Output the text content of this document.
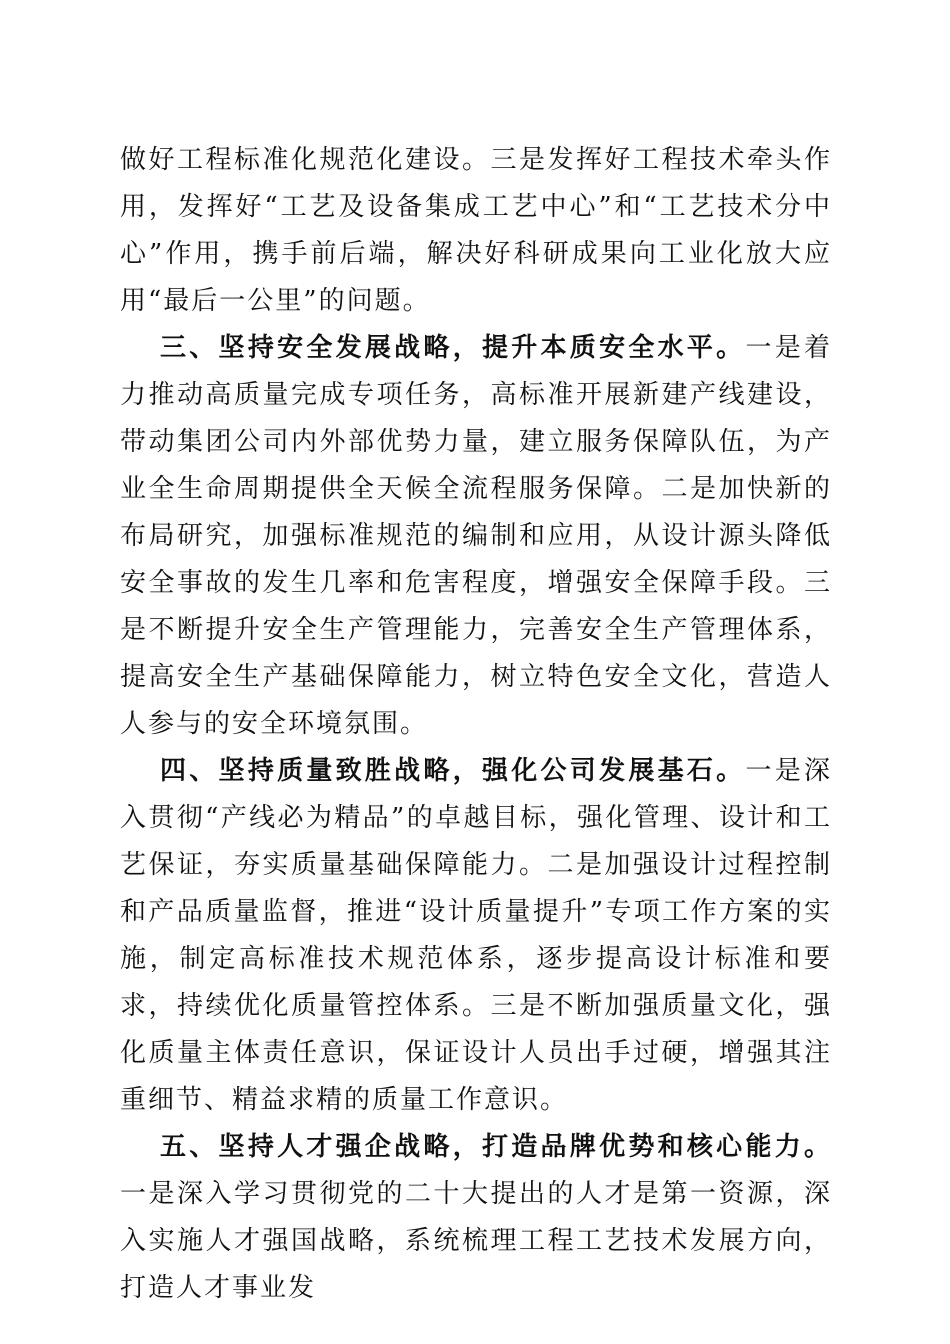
做好工程标准化规范化建设。三是发挥好工程技术牵头作用，发挥好“工艺及设备集成工艺中心”和“工艺技术分中心”作用，携手前后端，解决好科研成果向工业化放大应用“最后一公里”的问题。

三、坚持安全发展战略，提升本质安全水平。一是着力推动高质量完成专项任务，高标准开展新建产线建设，带动集团公司内外部优势力量，建立服务保障队伍，为产业全生命周期提供全天候全流程服务保障。二是加快新的布局研究，加强标准规范的编制和应用，从设计源头降低安全事故的发生几率和危害程度，增强安全保障手段。三是不断提升安全生产管理能力，完善安全生产管理体系，提高安全生产基础保障能力，树立特色安全文化，营造人人参与的安全环境氛围。

四、坚持质量致胜战略，强化公司发展基石。一是深入贯彻“产线必为精品”的卓越目标，强化管理、设计和工艺保证，夯实质量基础保障能力。二是加强设计过程控制和产品质量监督，推进“设计质量提升”专项工作方案的实施，制定高标准技术规范体系，逐步提高设计标准和要求，持续优化质量管控体系。三是不断加强质量文化，强化质量主体责任意识，保证设计人员出手过硬，增强其注重细节、精益求精的质量工作意识。

五、坚持人才强企战略，打造品牌优势和核心能力。一是深入学习贯彻党的二十大提出的人才是第一资源，深入实施人才强国战略，系统梳理工程工艺技术发展方向，打造人才事业发
